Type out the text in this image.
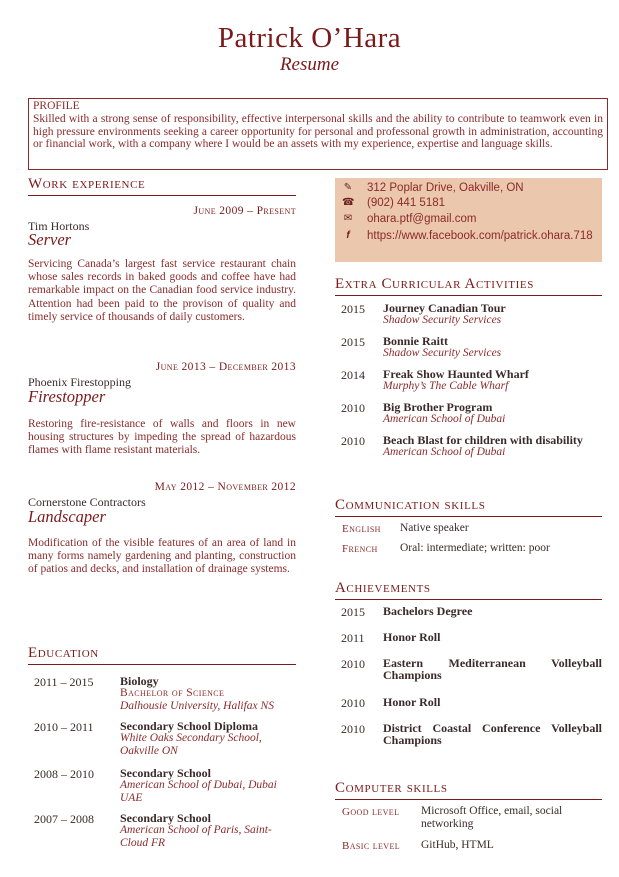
Patrick O’Hara
Resume
PROFILE
Skilled with a strong sense of responsibility, effective interpersonal skills and the ability to contribute to teamwork even in high pressure environments seeking a career opportunity for personal and professonal growth in administration, accounting or financial work, with a company where I would be an assets with my experience, expertise and language skills.
Work experience
June 2009 – Present
Tim Hortons
Server
Servicing Canada’s largest fast service restaurant chain whose sales records in baked goods and coffee have had remarkable impact on the Canadian food service industry. Attention had been paid to the provison of quality and timely service of thousands of daily customers.
June 2013 – December 2013
Phoenix Firestopping
Firestopper
Restoring fire-resistance of walls and floors in new housing structures by impeding the spread of hazardous flames with flame resistant materials.
May 2012 – November 2012
Cornerstone Contractors
Landscaper
Modification of the visible features of an area of land in many forms namely gardening and planting, construction of patios and decks, and installation of drainage systems.
Education
2011 – 2015 Biology
Bachelor of Science
Dalhousie University, Halifax NS
2010 – 2011 Secondary School Diploma
White Oaks Secondary School, Oakville ON
2008 – 2010 Secondary School
American School of Dubai, Dubai UAE
2007 – 2008 Secondary School
American School of Paris, Saint-Cloud FR
✎ 312 Poplar Drive, Oakville, ON
☎ (902) 441 5181
✉ ohara.ptf@gmail.com
f	https://www.facebook.com/patrick.ohara.718
Extra Curricular Activities
2015 Journey Canadian Tour
Shadow Security Services
2015 Bonnie Raitt
Shadow Security Services
2014 Freak Show Haunted Wharf
Murphy’s The Cable Wharf
2010 Big Brother Program
American School of Dubai
2010 Beach Blast for children with disability
American School of Dubai
Communication skills
English Native speaker
French Oral: intermediate; written: poor
Achievements
2015 Bachelors Degree
2011 Honor Roll
2010 Eastern Mediterranean Volleyball Champions
2010 Honor Roll
2010 District Coastal Conference Volleyball Champions
Computer skills
Good level Microsoft Office, email, social networking
Basic level GitHub, HTML
